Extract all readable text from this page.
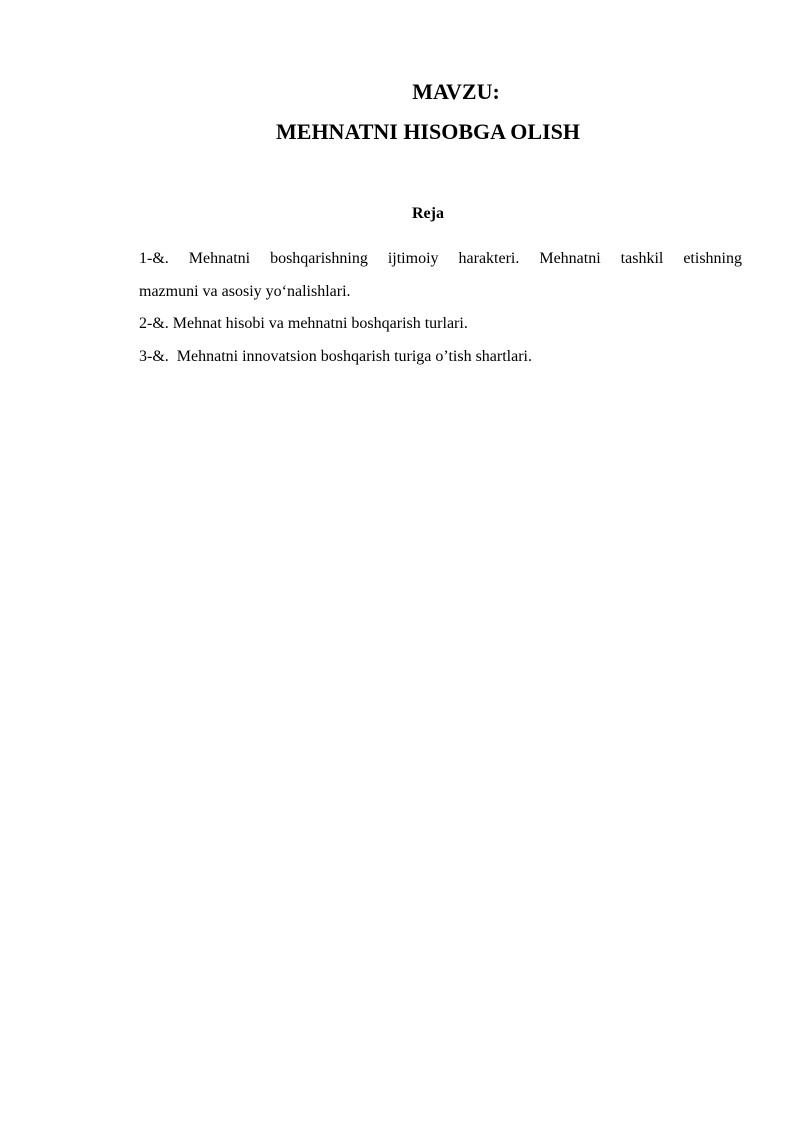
MAVZU:
MEHNATNI HISOBGA OLISH
Reja
1-&. Mehnatni boshqarishning ijtimoiy harakteri. Mehnatni tashkil etishning
mazmuni va asosiy yo‘nalishlari.
2-&. Mehnat hisobi va mehnatni boshqarish turlari.
3-&.  Mehnatni innovatsion boshqarish turiga o’tish shartlari.
